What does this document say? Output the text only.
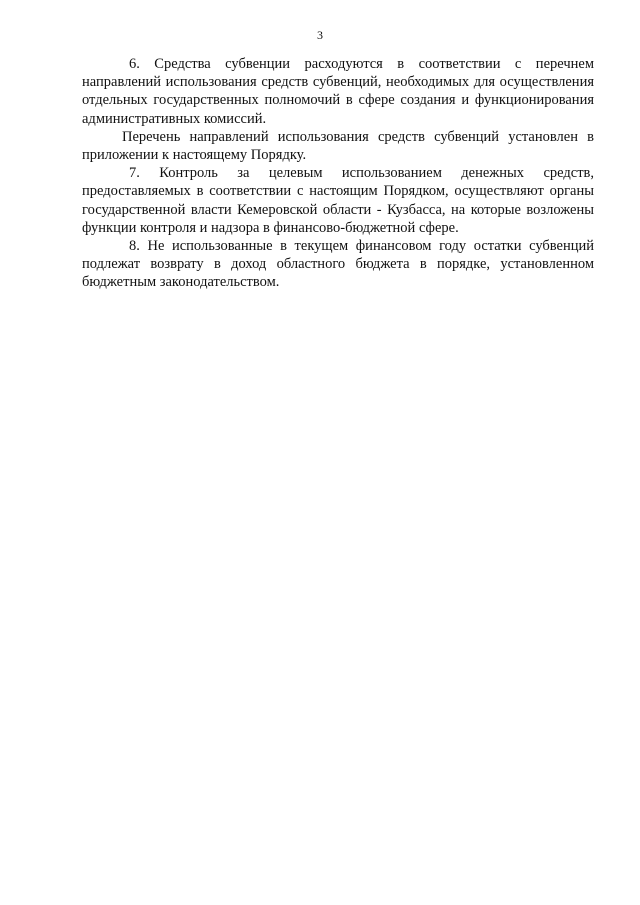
3

6. Средства субвенции расходуются в соответствии с перечнем направлений использования средств субвенций, необходимых для осуществления отдельных государственных полномочий в сфере создания и функционирования административных комиссий.

Перечень направлений использования средств субвенций установлен в приложении к настоящему Порядку.

7. Контроль за целевым использованием денежных средств, предоставляемых в соответствии с настоящим Порядком, осуществляют органы государственной власти Кемеровской области - Кузбасса, на которые возложены функции контроля и надзора в финансово-бюджетной сфере.

8. Не использованные в текущем финансовом году остатки субвенций подлежат возврату в доход областного бюджета в порядке, установленном бюджетным законодательством.
